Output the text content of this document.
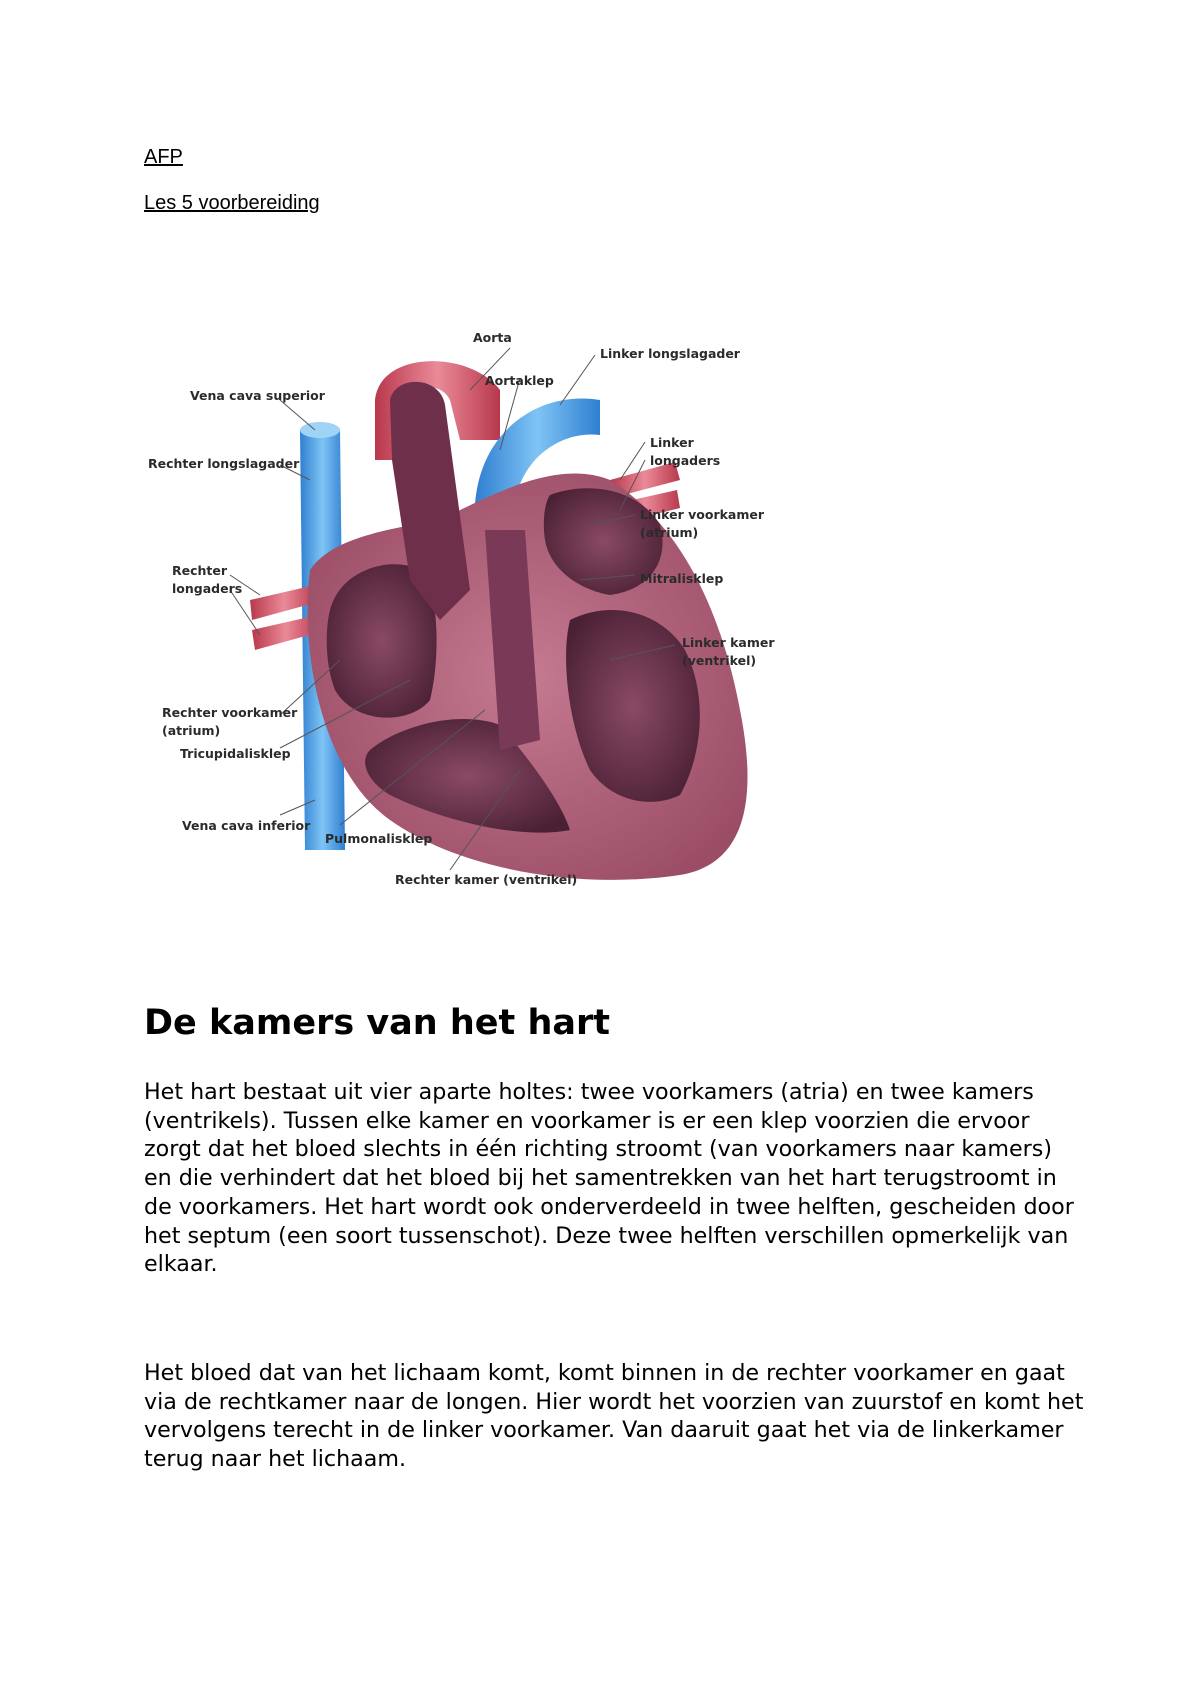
AFP
Les 5 voorbereiding
Aorta
Aortaklep
Linker longslagader
Vena cava superior
Rechter longslagader
Linker
longaders
Linker voorkamer
(atrium)
Rechter
longaders
Mitralisklep
Linker kamer
(ventrikel)
Rechter voorkamer
(atrium)
Tricupidalisklep
Vena cava inferior
Pulmonalisklep
Rechter kamer (ventrikel)
De kamers van het hart

Het hart bestaat uit vier aparte holtes: twee voorkamers (atria) en twee kamers (ventrikels). Tussen elke kamer en voorkamer is er een klep voorzien die ervoor zorgt dat het bloed slechts in één richting stroomt (van voorkamers naar kamers) en die verhindert dat het bloed bij het samentrekken van het hart terugstroomt in de voorkamers. Het hart wordt ook onderverdeeld in twee helften, gescheiden door het septum (een soort tussenschot). Deze twee helften verschillen opmerkelijk van elkaar.

Het bloed dat van het lichaam komt, komt binnen in de rechter voorkamer en gaat via de rechtkamer naar de longen. Hier wordt het voorzien van zuurstof en komt het vervolgens terecht in de linker voorkamer. Van daaruit gaat het via de linkerkamer terug naar het lichaam.
